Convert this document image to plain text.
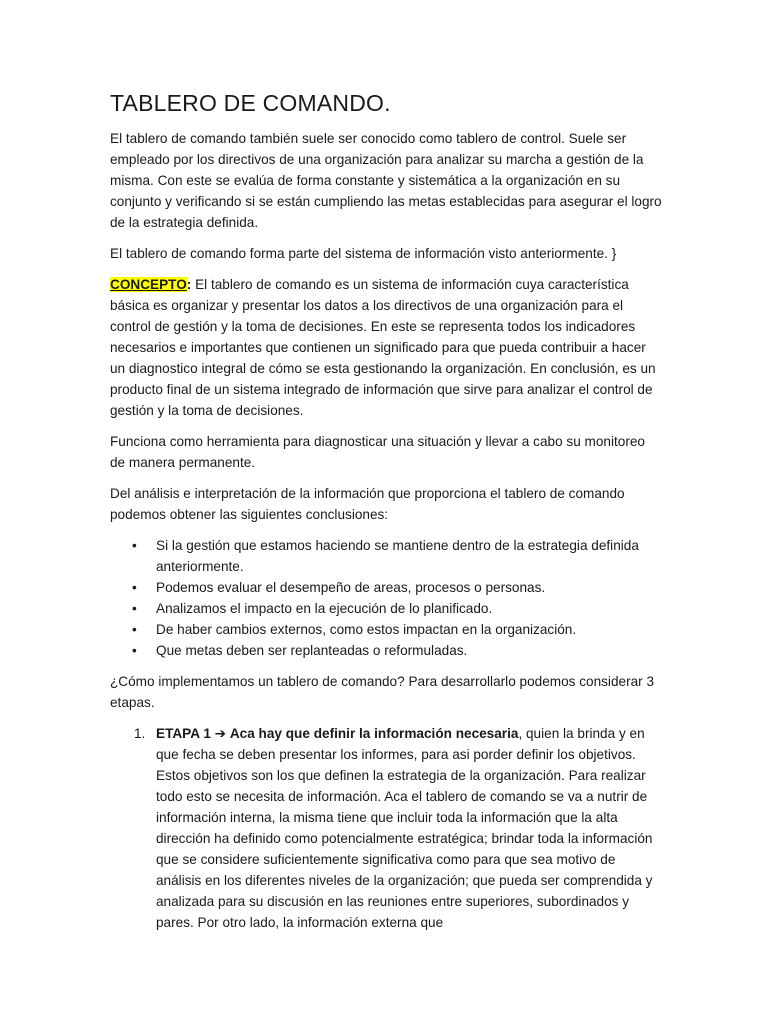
TABLERO DE COMANDO.

El tablero de comando también suele ser conocido como tablero de control. Suele ser empleado por los directivos de una organización para analizar su marcha a gestión de la misma. Con este se evalúa de forma constante y sistemática a la organización en su conjunto y verificando si se están cumpliendo las metas establecidas para asegurar el logro de la estrategia definida.

El tablero de comando forma parte del sistema de información visto anteriormente. }

CONCEPTO: El tablero de comando es un sistema de información cuya característica básica es organizar y presentar los datos a los directivos de una organización para el control de gestión y la toma de decisiones. En este se representa todos los indicadores necesarios e importantes que contienen un significado para que pueda contribuir a hacer un diagnostico integral de cómo se esta gestionando la organización. En conclusión, es un producto final de un sistema integrado de información que sirve para analizar el control de gestión y la toma de decisiones.

Funciona como herramienta para diagnosticar una situación y llevar a cabo su monitoreo de manera permanente.

Del análisis e interpretación de la información que proporciona el tablero de comando podemos obtener las siguientes conclusiones:

• Si la gestión que estamos haciendo se mantiene dentro de la estrategia definida anteriormente.
• Podemos evaluar el desempeño de areas, procesos o personas.
• Analizamos el impacto en la ejecución de lo planificado.
• De haber cambios externos, como estos impactan en la organización.
• Que metas deben ser replanteadas o reformuladas.

¿Cómo implementamos un tablero de comando? Para desarrollarlo podemos considerar 3 etapas.

1. ETAPA 1 ➔ Aca hay que definir la información necesaria, quien la brinda y en que fecha se deben presentar los informes, para asi porder definir los objetivos. Estos objetivos son los que definen la estrategia de la organización. Para realizar todo esto se necesita de información. Aca el tablero de comando se va a nutrir de información interna, la misma tiene que incluir toda la información que la alta dirección ha definido como potencialmente estratégica; brindar toda la información que se considere suficientemente significativa como para que sea motivo de análisis en los diferentes niveles de la organización; que pueda ser comprendida y analizada para su discusión en las reuniones entre superiores, subordinados y pares. Por otro lado, la información externa que
